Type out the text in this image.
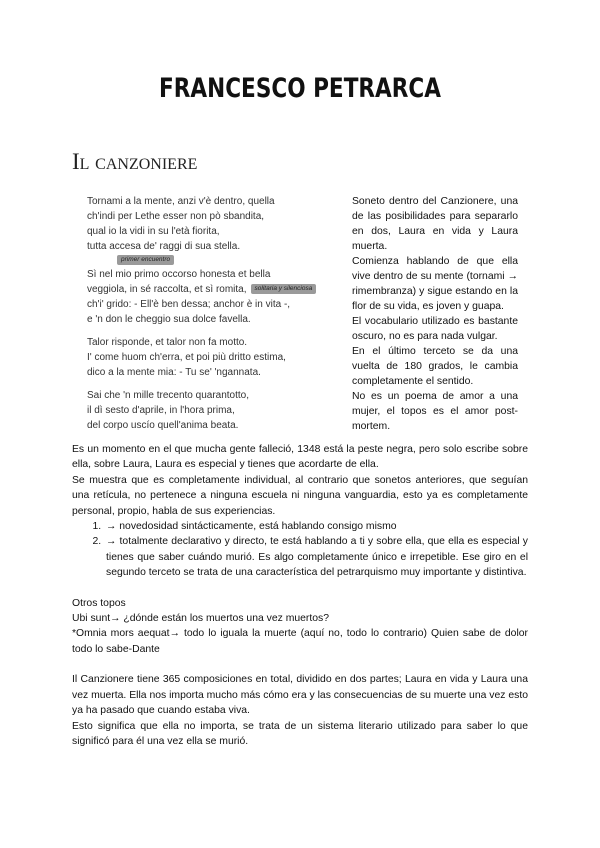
FRANCESCO PETRARCA
Il canzoniere
Tornami a la mente, anzi v'è dentro, quella
ch'indi per Lethe esser non pò sbandita,
qual io la vidi in su l'età fiorita,
tutta accesa de' raggi di sua stella.
primer encuentro
Sì nel mio primo occorso honesta et bella
veggiola, in sé raccolta, et sì romita, solitaria y silenciosa
ch'i' grido: - Ell'è ben dessa; anchor è in vita -,
e 'n don le cheggio sua dolce favella.
Talor risponde, et talor non fa motto.
I' come huom ch'erra, et poi più dritto estima,
dico a la mente mia: - Tu se' 'ngannata.
Sai che 'n mille trecento quarantotto,
il dì sesto d'aprile, in l'hora prima,
del corpo uscío quell'anima beata.

Soneto dentro del Canzionere, una de las posibilidades para separarlo en dos, Laura en vida y Laura muerta.

Comienza hablando de que ella vive dentro de su mente (tornami → rimembranza) y sigue estando en la flor de su vida, es joven y guapa.

El vocabulario utilizado es bastante oscuro, no es para nada vulgar.

En el último terceto se da una vuelta de 180 grados, le cambia completamente el sentido.

No es un poema de amor a una mujer, el topos es el amor post-mortem.

Es un momento en el que mucha gente falleció, 1348 está la peste negra, pero solo escribe sobre ella, sobre Laura, Laura es especial y tienes que acordarte de ella.

Se muestra que es completamente individual, al contrario que sonetos anteriores, que seguían una retícula, no pertenece a ninguna escuela ni ninguna vanguardia, esto ya es completamente personal, propio, habla de sus experiencias.

1. → novedosidad sintácticamente, está hablando consigo mismo
2. → totalmente declarativo y directo, te está hablando a ti y sobre ella, que ella es especial y tienes que saber cuándo murió. Es algo completamente único e irrepetible. Ese giro en el segundo terceto se trata de una característica del petrarquismo muy importante y distintiva.

Otros topos

Ubi sunt→ ¿dónde están los muertos una vez muertos?

*Omnia mors aequat→ todo lo iguala la muerte (aquí no, todo lo contrario) Quien sabe de dolor todo lo sabe-Dante

Il Canzionere tiene 365 composiciones en total, dividido en dos partes; Laura en vida y Laura una vez muerta. Ella nos importa mucho más cómo era y las consecuencias de su muerte una vez esto ya ha pasado que cuando estaba viva.

Esto significa que ella no importa, se trata de un sistema literario utilizado para saber lo que significó para él una vez ella se murió.
